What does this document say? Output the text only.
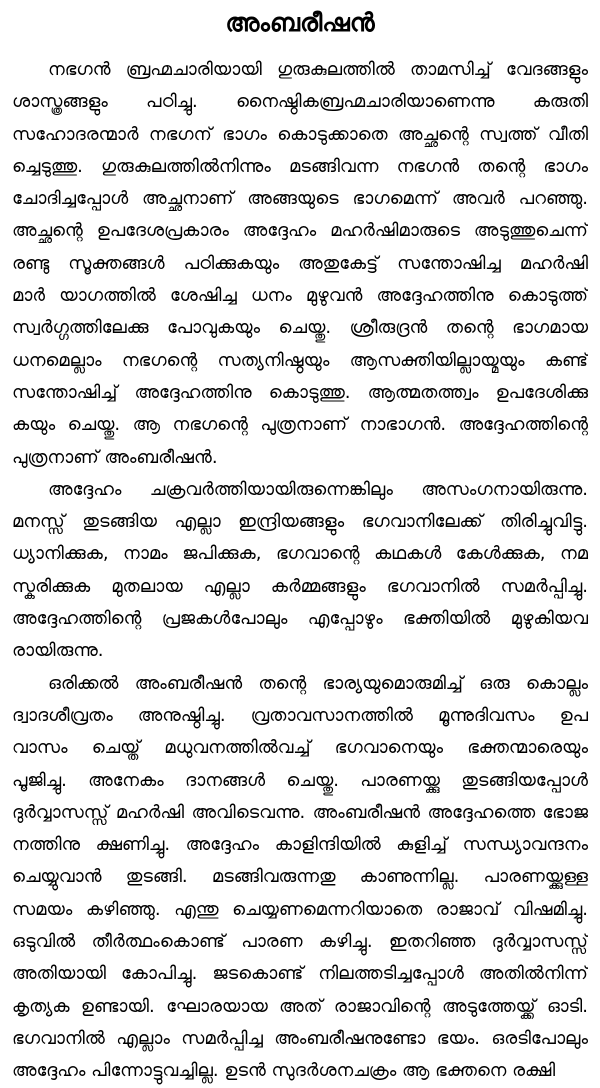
അംബരീഷൻ
നഭഗൻ ബ്രഹ്മചാരിയായി ഗുരുകുലത്തിൽ താമസിച്ച് വേദങ്ങളും
ശാസ്ത്രങ്ങളും പഠിച്ചു. നൈഷ്ഠികബ്രഹ്മചാരിയാണെന്നു കരുതി
സഹോദരന്മാർ നഭഗന് ഭാഗം കൊടുക്കാതെ അച്ഛന്റെ സ്വത്ത് വീതി
ച്ചെടുത്തു. ഗുരുകുലത്തിൽനിന്നും മടങ്ങിവന്ന നഭഗൻ തന്റെ ഭാഗം
ചോദിച്ചപ്പോൾ അച്ഛനാണ് അങ്ങയുടെ ഭാഗമെന്ന് അവർ പറഞ്ഞു.
അച്ഛന്റെ ഉപദേശപ്രകാരം അദ്ദേഹം മഹർഷിമാരുടെ അടുത്തുചെന്ന്
രണ്ടു സൂക്തങ്ങൾ പഠിക്കുകയും അതുകേട്ട് സന്തോഷിച്ച മഹർഷി
മാർ യാഗത്തിൽ ശേഷിച്ച ധനം മുഴുവൻ അദ്ദേഹത്തിനു കൊടുത്ത്
സ്വർഗ്ഗത്തിലേക്കു പോവുകയും ചെയ്തു. ശ്രീരുദ്രൻ തന്റെ ഭാഗമായ
ധനമെല്ലാം നഭഗന്റെ സത്യനിഷ്ഠയും ആസക്തിയില്ലായ്മയും കണ്ട്
സന്തോഷിച്ച് അദ്ദേഹത്തിനു കൊടുത്തു. ആത്മതത്ത്വം ഉപദേശിക്കു
കയും ചെയ്തു. ആ നഭഗന്റെ പുത്രനാണ് നാഭാഗൻ. അദ്ദേഹത്തിന്റെ
പുത്രനാണ് അംബരീഷൻ.
അദ്ദേഹം ചക്രവർത്തിയായിരുന്നെങ്കിലും അസംഗനായിരുന്നു.
മനസ്സ് തുടങ്ങിയ എല്ലാ ഇന്ദ്രിയങ്ങളും ഭഗവാനിലേക്ക് തിരിച്ചുവിട്ടു.
ധ്യാനിക്കുക, നാമം ജപിക്കുക, ഭഗവാന്റെ കഥകൾ കേൾക്കുക, നമ
സ്കരിക്കുക മുതലായ എല്ലാ കർമ്മങ്ങളും ഭഗവാനിൽ സമർപ്പിച്ചു.
അദ്ദേഹത്തിന്റെ പ്രജകൾപോലും എപ്പോഴും ഭക്തിയിൽ മുഴുകിയവ
രായിരുന്നു.
ഒരിക്കൽ അംബരീഷൻ തന്റെ ഭാര്യയുമൊരുമിച്ച് ഒരു കൊല്ലം
ദ്വാദശീവ്രതം അനുഷ്ഠിച്ചു. വ്രതാവസാനത്തിൽ മൂന്നുദിവസം ഉപ
വാസം ചെയ്ത് മധുവനത്തിൽവച്ച് ഭഗവാനെയും ഭക്തന്മാരെയും
പൂജിച്ചു. അനേകം ദാനങ്ങൾ ചെയ്തു. പാരണയ്ക്കു തുടങ്ങിയപ്പോൾ
ദുർവ്വാസസ്സ് മഹർഷി അവിടെവന്നു. അംബരീഷൻ അദ്ദേഹത്തെ ഭോജ
നത്തിനു ക്ഷണിച്ചു. അദ്ദേഹം കാളിന്ദിയിൽ കുളിച്ച് സന്ധ്യാവന്ദനം
ചെയ്യുവാൻ തുടങ്ങി. മടങ്ങിവരുന്നതു കാണുന്നില്ല. പാരണയ്ക്കുള്ള
സമയം കഴിഞ്ഞു. എന്തു ചെയ്യണമെന്നറിയാതെ രാജാവ് വിഷമിച്ചു.
ഒടുവിൽ തീർത്ഥംകൊണ്ട് പാരണ കഴിച്ചു. ഇതറിഞ്ഞ ദുർവ്വാസസ്സ്
അതിയായി കോപിച്ചു. ജടകൊണ്ട് നിലത്തടിച്ചപ്പോൾ അതിൽനിന്ന്
കൃത്യക ഉണ്ടായി. ഘോരയായ അത് രാജാവിന്റെ അടുത്തേയ്ക്ക് ഓടി.
ഭഗവാനിൽ എല്ലാം സമർപ്പിച്ച അംബരീഷനുണ്ടോ ഭയം. ഒരടിപോലും
അദ്ദേഹം പിന്നോട്ടുവച്ചില്ല. ഉടൻ സുദർശനചക്രം ആ ഭക്തനെ രക്ഷി
